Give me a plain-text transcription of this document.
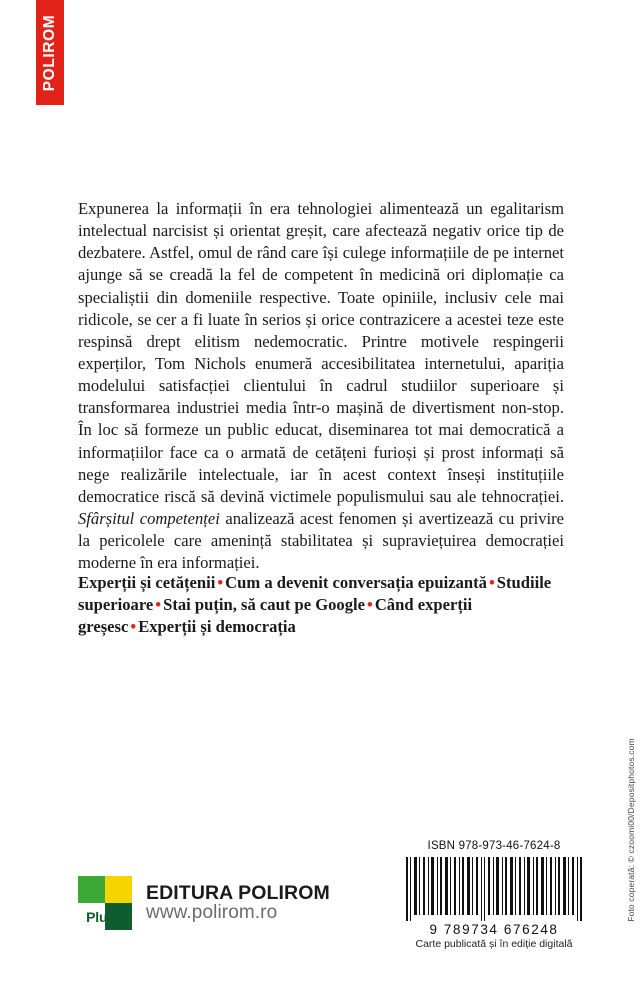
POLIROM

Expunerea la informații în era tehnologiei alimentează un egalitarism intelectual narcisist și orientat greșit, care afectează negativ orice tip de dezbatere. Astfel, omul de rând care își culege informațiile de pe internet ajunge să se creadă la fel de competent în medicină ori diplomație ca specialiștii din domeniile respective. Toate opiniile, inclusiv cele mai ridicole, se cer a fi luate în serios și orice contrazicere a acestei teze este respinsă drept elitism nedemocratic. Printre motivele respingerii experților, Tom Nichols enumeră accesibilitatea internetului, apariția modelului satisfacției clientului în cadrul studiilor superioare și transformarea industriei media într-o mașină de divertisment non-stop. În loc să formeze un public educat, diseminarea tot mai democratică a informațiilor face ca o armată de cetățeni furioși și prost informați să nege realizările intelectuale, iar în acest context înseși instituțiile democratice riscă să devină victimele populismului sau ale tehnocrației. Sfârșitul competenței analizează acest fenomen și avertizează cu privire la pericolele care amenință stabilitatea și supraviețuirea democrației moderne în era informației.

Experții și cetățenii • Cum a devenit conversația epuizantă • Studiile superioare • Stai puțin, să caut pe Google • Când experții greșesc • Experții și democrația
Foto coperată: © czoomi00/Depositphotos.com
Plural
EDITURA POLIROM
www.polirom.ro
ISBN 978-973-46-7624-8
9 789734 676248
Carte publicată și în ediție digitală
